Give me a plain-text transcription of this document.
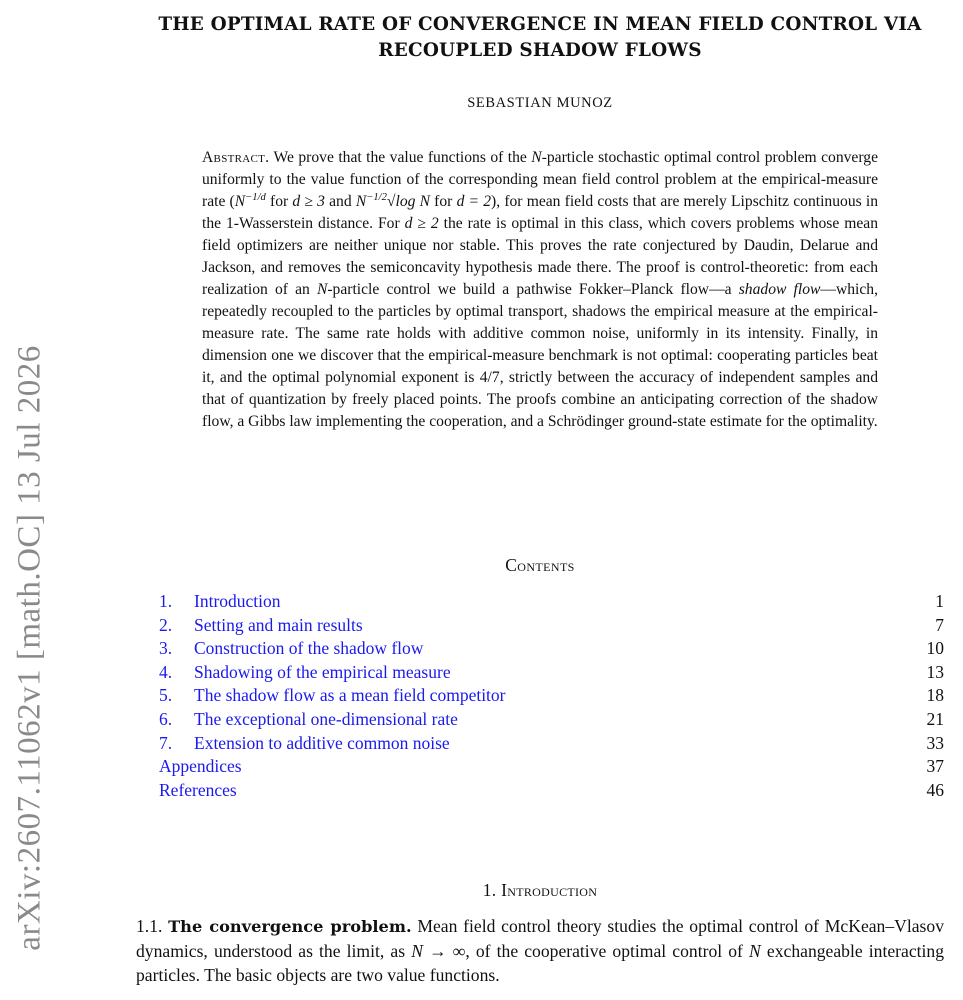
arXiv:2607.11062v1 [math.OC] 13 Jul 2026
THE OPTIMAL RATE OF CONVERGENCE IN MEAN FIELD CONTROL VIA RECOUPLED SHADOW FLOWS
SEBASTIAN MUNOZ
Abstract. We prove that the value functions of the N-particle stochastic optimal control problem converge uniformly to the value function of the corresponding mean field control problem at the empirical-measure rate ($N^{-1/d}$ for d ≥ 3 and $N^{-1/2}√\log$ N for d = 2), for mean field costs that are merely Lipschitz continuous in the 1-Wasserstein distance. For d ≥ 2 the rate is optimal in this class, which covers problems whose mean field optimizers are neither unique nor stable. This proves the rate conjectured by Daudin, Delarue and Jackson, and removes the semiconcavity hypothesis made there. The proof is control-theoretic: from each realization of an N-particle control we build a pathwise Fokker–Planck flow—a shadow flow—which, repeatedly recoupled to the particles by optimal transport, shadows the empirical measure at the empirical-measure rate. The same rate holds with additive common noise, uniformly in its intensity. Finally, in dimension one we discover that the empirical-measure benchmark is not optimal: cooperating particles beat it, and the optimal polynomial exponent is 4/7, strictly between the accuracy of independent samples and that of quantization by freely placed points. The proofs combine an anticipating correction of the shadow flow, a Gibbs law implementing the cooperation, and a Schrödinger ground-state estimate for the optimality.
Contents
1. Introduction	1
2. Setting and main results	7
3. Construction of the shadow flow	10
4. Shadowing of the empirical measure	13
5. The shadow flow as a mean field competitor	18
6. The exceptional one-dimensional rate	21
7. Extension to additive common noise	33
Appendices	37
References	46
1. Introduction
1.1. The convergence problem. Mean field control theory studies the optimal control of McKean–Vlasov dynamics, understood as the limit, as N → ∞, of the cooperative optimal control of N exchangeable interacting particles. The basic objects are two value functions.
